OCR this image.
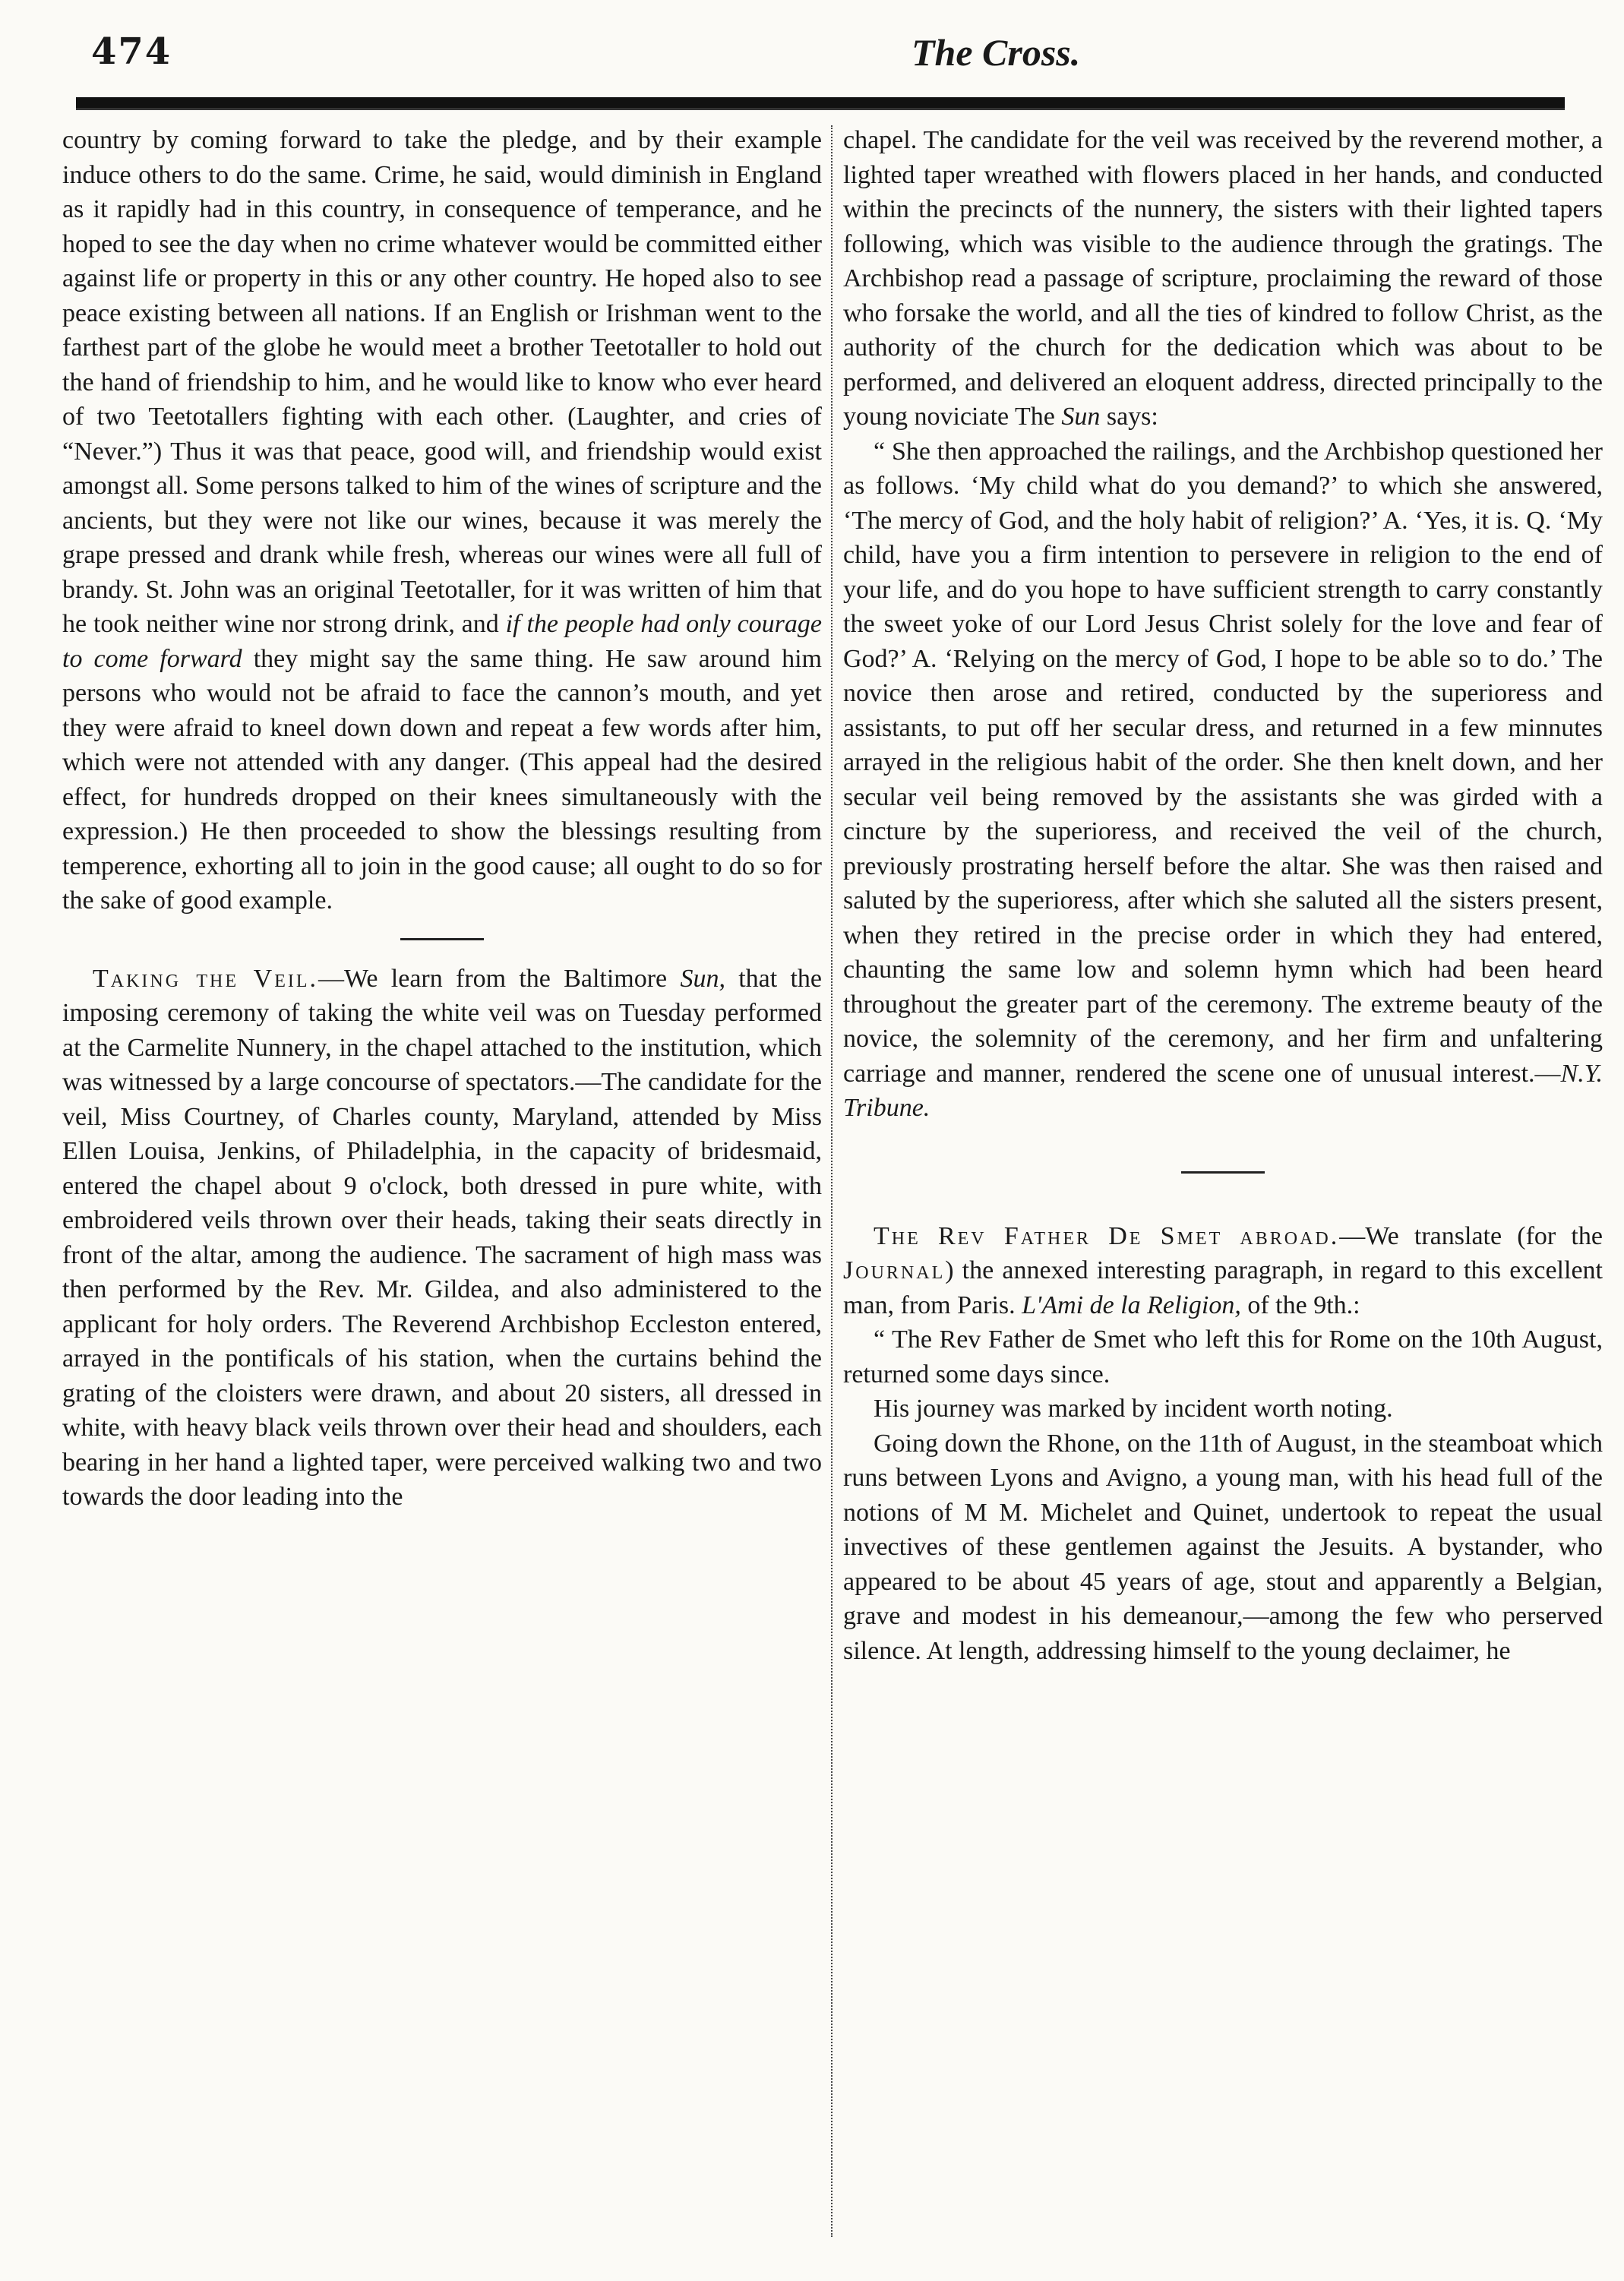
474	The Cross.

country by coming forward to take the pledge, and by their example induce others to do the same. Crime, he said, would diminish in England as it rapidly had in this country, in consequence of temperance, and he hoped to see the day when no crime whatever would be committed either against life or property in this or any other country. He hoped also to see peace existing between all nations. If an English or Irishman went to the farthest part of the globe he would meet a brother Teetotaller to hold out the hand of friendship to him, and he would like to know who ever heard of two Teetotallers fighting with each other. (Laughter, and cries of “Never.”) Thus it was that peace, good will, and friendship would exist amongst all. Some persons talked to him of the wines of scripture and the ancients, but they were not like our wines, because it was merely the grape pressed and drank while fresh, whereas our wines were all full of brandy. St. John was an original Teetotaller, for it was written of him that he took neither wine nor strong drink, and if the people had only courage to come forward they might say the same thing. He saw around him persons who would not be afraid to face the cannon’s mouth, and yet they were afraid to kneel down down and repeat a few words after him, which were not attended with any danger. (This appeal had the desired effect, for hundreds dropped on their knees simultaneously with the expression.) He then proceeded to show the blessings resulting from temperence, exhorting all to join in the good cause; all ought to do so for the sake of good example.

Taking the Veil.—We learn from the Baltimore Sun, that the imposing ceremony of taking the white veil was on Tuesday performed at the Carmelite Nunnery, in the chapel attached to the institution, which was witnessed by a large concourse of spectators.—The candidate for the veil, Miss Courtney, of Charles county, Maryland, attended by Miss Ellen Louisa, Jenkins, of Philadelphia, in the capacity of bridesmaid, entered the chapel about 9 o'clock, both dressed in pure white, with embroidered veils thrown over their heads, taking their seats directly in front of the altar, among the audience. The sacrament of high mass was then performed by the Rev. Mr. Gildea, and also administered to the applicant for holy orders. The Reverend Archbishop Eccleston entered, arrayed in the pontificals of his station, when the curtains behind the grating of the cloisters were drawn, and about 20 sisters, all dressed in white, with heavy black veils thrown over their head and shoulders, each bearing in her hand a lighted taper, were perceived walking two and two towards the door leading into the

chapel. The candidate for the veil was received by the reverend mother, a lighted taper wreathed with flowers placed in her hands, and conducted within the precincts of the nunnery, the sisters with their lighted tapers following, which was visible to the audience through the gratings. The Archbishop read a passage of scripture, proclaiming the reward of those who forsake the world, and all the ties of kindred to follow Christ, as the authority of the church for the dedication which was about to be performed, and delivered an eloquent address, directed principally to the young noviciate The Sun says:

“ She then approached the railings, and the Archbishop questioned her as follows. ‘My child what do you demand?’ to which she answered, ‘The mercy of God, and the holy habit of religion?’ A. ‘Yes, it is. Q. ‘My child, have you a firm intention to persevere in religion to the end of your life, and do you hope to have sufficient strength to carry constantly the sweet yoke of our Lord Jesus Christ solely for the love and fear of God?’ A. ‘Relying on the mercy of God, I hope to be able so to do.’ The novice then arose and retired, conducted by the superioress and assistants, to put off her secular dress, and returned in a few minnutes arrayed in the religious habit of the order. She then knelt down, and her secular veil being removed by the assistants she was girded with a cincture by the superioress, and received the veil of the church, previously prostrating herself before the altar. She was then raised and saluted by the superioress, after which she saluted all the sisters present, when they retired in the precise order in which they had entered, chaunting the same low and solemn hymn which had been heard throughout the greater part of the ceremony. The extreme beauty of the novice, the solemnity of the ceremony, and her firm and unfaltering carriage and manner, rendered the scene one of unusual interest.—N.Y. Tribune.

The Rev Father De Smet abroad.—We translate (for the Journal) the annexed interesting paragraph, in regard to this excellent man, from Paris. L'Ami de la Religion, of the 9th.:

“ The Rev Father de Smet who left this for Rome on the 10th August, returned some days since.

His journey was marked by incident worth noting.

Going down the Rhone, on the 11th of August, in the steamboat which runs between Lyons and Avigno, a young man, with his head full of the notions of M M. Michelet and Quinet, undertook to repeat the usual invectives of these gentlemen against the Jesuits. A bystander, who appeared to be about 45 years of age, stout and apparently a Belgian, grave and modest in his demeanour,—among the few who perserved silence. At length, addressing himself to the young declaimer, he
